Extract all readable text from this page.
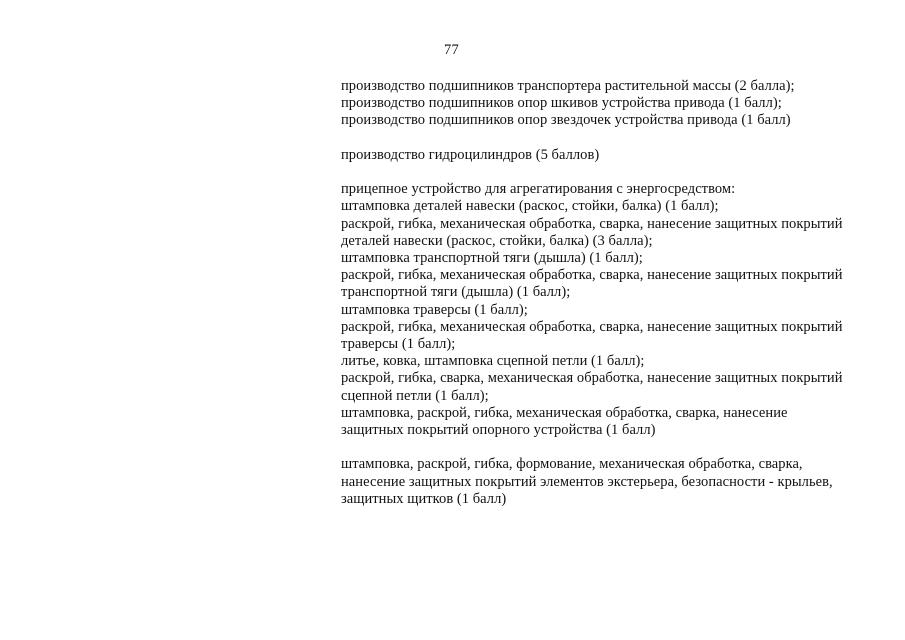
77

производство подшипников транспортера растительной массы (2 балла);
производство подшипников опор шкивов устройства привода (1 балл);
производство подшипников опор звездочек устройства привода (1 балл)

производство гидроцилиндров (5 баллов)

прицепное устройство для агрегатирования с энергосредством:
штамповка деталей навески (раскос, стойки, балка) (1 балл);
раскрой, гибка, механическая обработка, сварка, нанесение защитных покрытий
деталей навески (раскос, стойки, балка) (3 балла);
штамповка транспортной тяги (дышла) (1 балл);
раскрой, гибка, механическая обработка, сварка, нанесение защитных покрытий
транспортной тяги (дышла) (1 балл);
штамповка траверсы (1 балл);
раскрой, гибка, механическая обработка, сварка, нанесение защитных покрытий
траверсы (1 балл);
литье, ковка, штамповка сцепной петли (1 балл);
раскрой, гибка, сварка, механическая обработка, нанесение защитных покрытий
сцепной петли (1 балл);
штамповка, раскрой, гибка, механическая обработка, сварка, нанесение
защитных покрытий опорного устройства (1 балл)

штамповка, раскрой, гибка, формование, механическая обработка, сварка,
нанесение защитных покрытий элементов экстерьера, безопасности - крыльев,
защитных щитков (1 балл)
